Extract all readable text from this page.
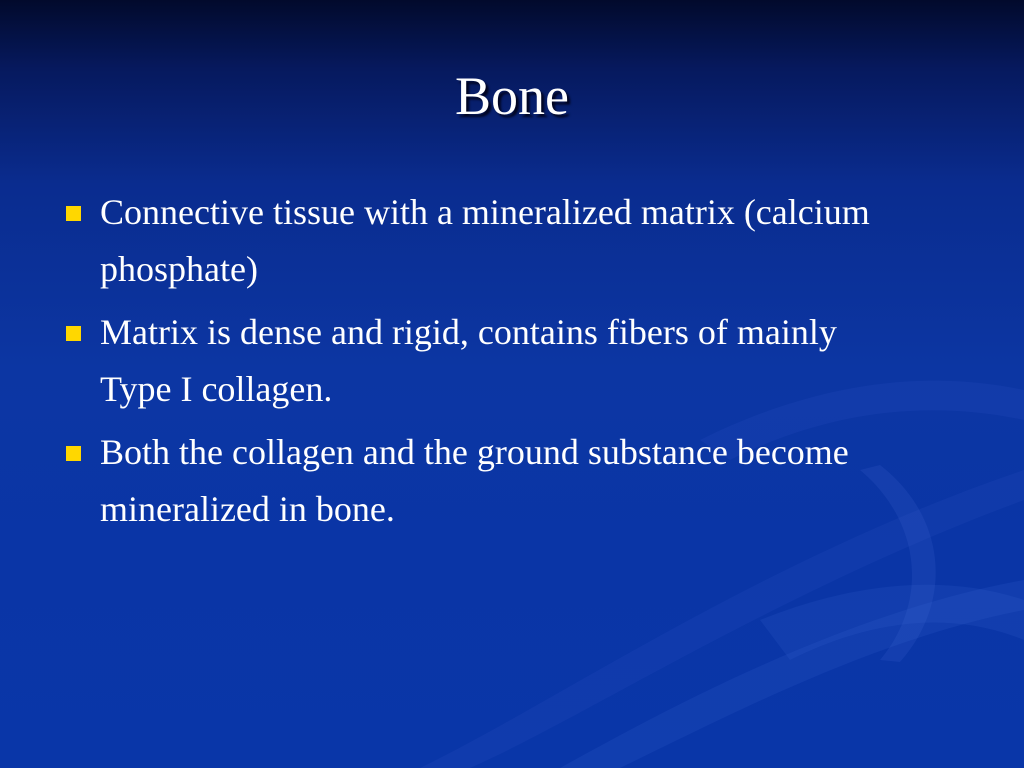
Bone
Connective tissue with a mineralized matrix (calcium phosphate)
Matrix is dense and rigid, contains fibers of mainly Type I collagen.
Both the collagen and the ground substance become mineralized in bone.
